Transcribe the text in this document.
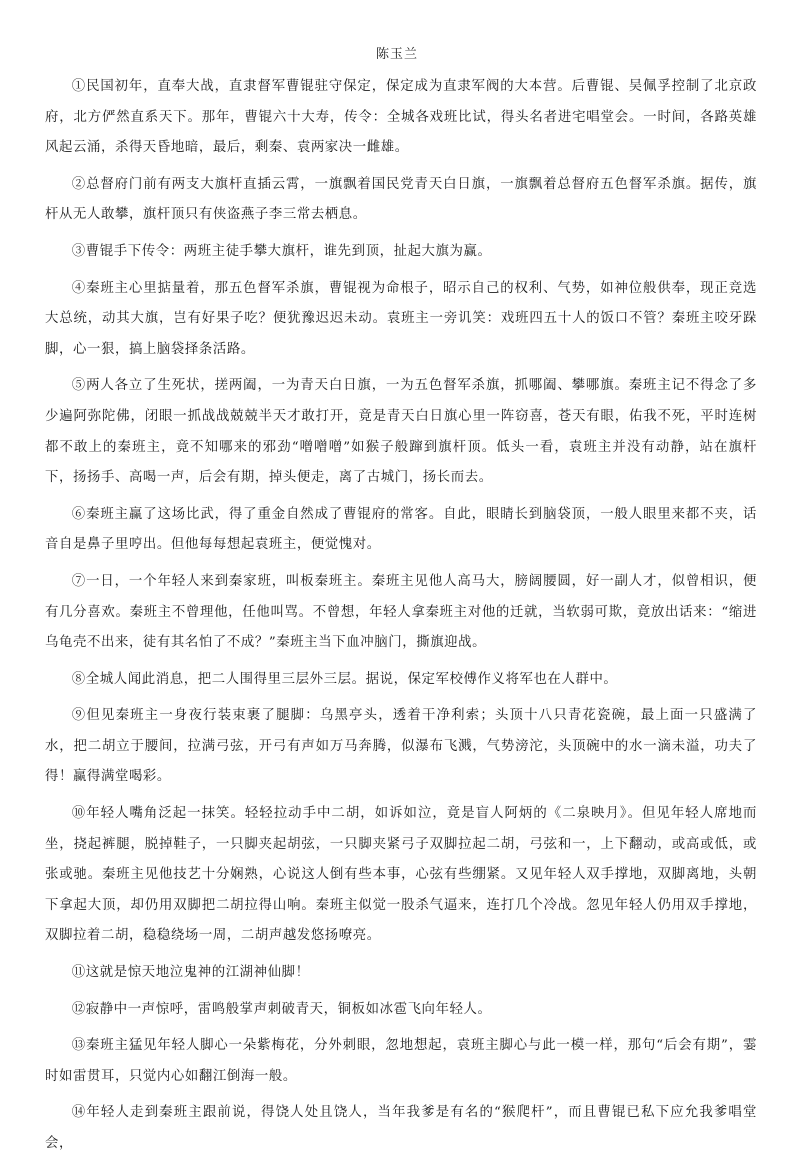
陈玉兰

①民国初年，直奉大战，直隶督军曹锟驻守保定，保定成为直隶军阀的大本营。后曹锟、吴佩孚控制了北京政府，北方俨然直系天下。那年，曹锟六十大寿，传令：全城各戏班比试，得头名者进宅唱堂会。一时间，各路英雄风起云涌，杀得天昏地暗，最后，剩秦、袁两家决一雌雄。

②总督府门前有两支大旗杆直插云霄，一旗飘着国民党青天白日旗，一旗飘着总督府五色督军杀旗。据传，旗杆从无人敢攀，旗杆顶只有侠盗燕子李三常去栖息。

③曹锟手下传令：两班主徒手攀大旗杆，谁先到顶，扯起大旗为赢。

④秦班主心里掂量着，那五色督军杀旗，曹锟视为命根子，昭示自己的权利、气势，如神位般供奉，现正竞选大总统，动其大旗，岂有好果子吃？便犹豫迟迟未动。袁班主一旁讥笑：戏班四五十人的饭口不管？秦班主咬牙跺脚，心一狠，搞上脑袋择条活路。

⑤两人各立了生死状，搓两阖，一为青天白日旗，一为五色督军杀旗，抓哪阖、攀哪旗。秦班主记不得念了多少遍阿弥陀佛，闭眼一抓战战兢兢半天才敢打开，竟是青天白日旗心里一阵窃喜，苍天有眼，佑我不死，平时连树都不敢上的秦班主，竟不知哪来的邪劲“噌噌噌”如猴子般蹿到旗杆顶。低头一看，袁班主并没有动静，站在旗杆下，扬扬手、高喝一声，后会有期，掉头便走，离了古城门，扬长而去。

⑥秦班主赢了这场比武，得了重金自然成了曹锟府的常客。自此，眼睛长到脑袋顶，一般人眼里来都不夹，话音自是鼻子里哼出。但他每每想起袁班主，便觉愧对。

⑦一日，一个年轻人来到秦家班，叫板秦班主。秦班主见他人高马大，膀阔腰圆，好一副人才，似曾相识，便有几分喜欢。秦班主不曾理他，任他叫骂。不曾想，年轻人拿秦班主对他的迁就，当软弱可欺，竟放出话来：“缩进乌龟壳不出来，徒有其名怕了不成？”秦班主当下血冲脑门，撕旗迎战。

⑧全城人闻此消息，把二人围得里三层外三层。据说，保定军校傅作义将军也在人群中。

⑨但见秦班主一身夜行装束裹了腿脚：乌黑亭头，透着干净利索；头顶十八只青花瓷碗，最上面一只盛满了水，把二胡立于腰间，拉满弓弦，开弓有声如万马奔腾，似瀑布飞溅，气势滂沱，头顶碗中的水一滴未溢，功夫了得！赢得满堂喝彩。

⑩年轻人嘴角泛起一抹笑。轻轻拉动手中二胡，如诉如泣，竟是盲人阿炳的《二泉映月》。但见年轻人席地而坐，挠起裤腿，脱掉鞋子，一只脚夹起胡弦，一只脚夹紧弓子双脚拉起二胡，弓弦和一，上下翻动，或高或低，或张或驰。秦班主见他技艺十分娴熟，心说这人倒有些本事，心弦有些绷紧。又见年轻人双手撑地，双脚离地，头朝下拿起大顶，却仍用双脚把二胡拉得山响。秦班主似觉一股杀气逼来，连打几个冷战。忽见年轻人仍用双手撑地，双脚拉着二胡，稳稳绕场一周，二胡声越发悠扬嘹亮。

⑪这就是惊天地泣鬼神的江湖神仙脚！

⑫寂静中一声惊呼，雷鸣般掌声刺破青天，铜板如冰雹飞向年轻人。

⑬秦班主猛见年轻人脚心一朵紫梅花，分外刺眼，忽地想起，袁班主脚心与此一模一样，那句“后会有期”，霎时如雷贯耳，只觉内心如翻江倒海一般。

⑭年轻人走到秦班主跟前说，得饶人处且饶人，当年我爹是有名的“猴爬杆”，而且曹锟已私下应允我爹唱堂会，
